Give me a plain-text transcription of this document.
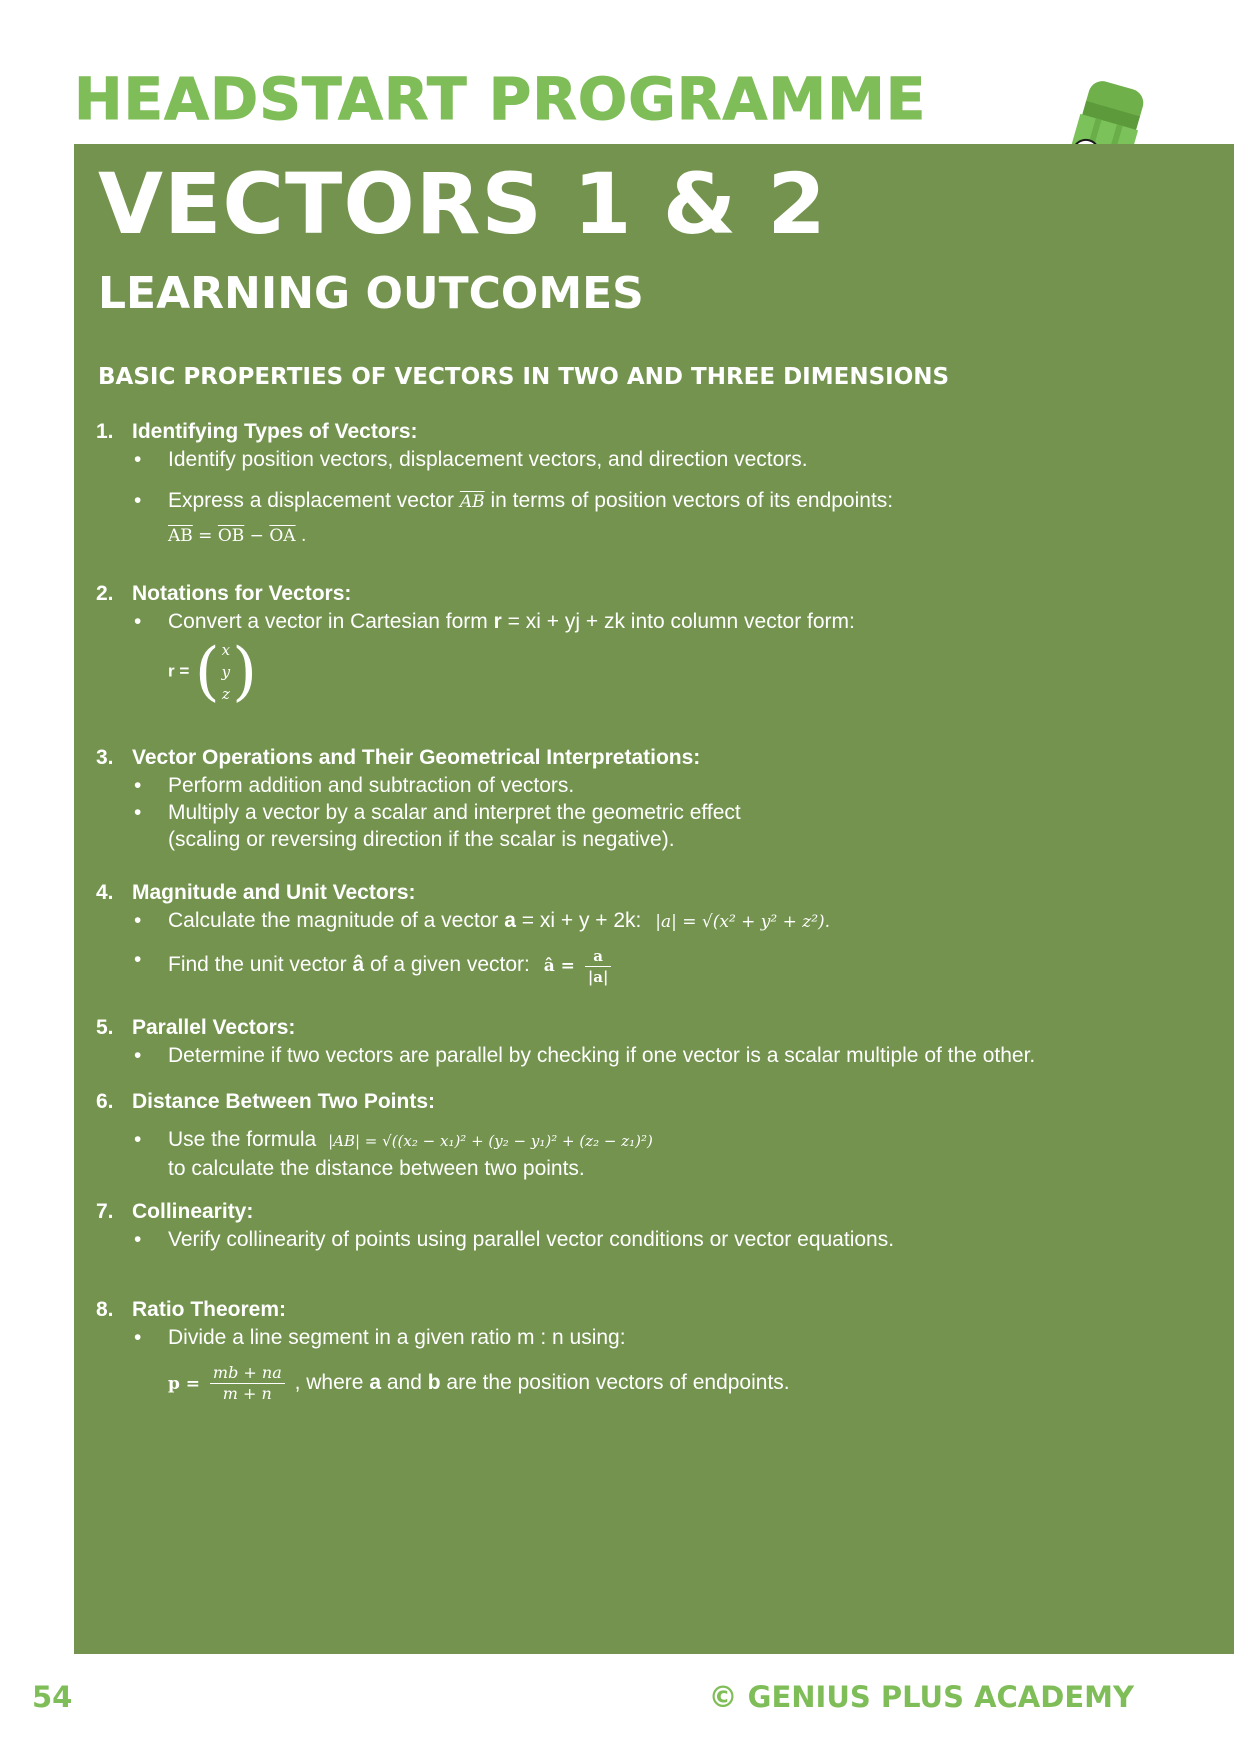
HEADSTART PROGRAMME
VECTORS 1 & 2
LEARNING OUTCOMES
BASIC PROPERTIES OF VECTORS IN TWO AND THREE DIMENSIONS
1. Identifying Types of Vectors:
• Identify position vectors, displacement vectors, and direction vectors.
• Express a displacement vector $\overline{AB}$ in terms of position vectors of its endpoints:
$\overline{AB} = \overline{OB} - \overline{OA}$ .
2. Notations for Vectors:
• Convert a vector in Cartesian form r = xi + yj + zk into column vector form:
r = ( x
y
z )
3. Vector Operations and Their Geometrical Interpretations:
• Perform addition and subtraction of vectors.
• Multiply a vector by a scalar and interpret the geometric effect
(scaling or reversing direction if the scalar is negative).
4. Magnitude and Unit Vectors:
• Calculate the magnitude of a vector a = xi + y + 2k: |a| = √(x² + y² + z²).
• Find the unit vector â of a given vector: â = $\frac{a}{|a|}$
5. Parallel Vectors:
• Determine if two vectors are parallel by checking if one vector is a scalar multiple of the other.
6. Distance Between Two Points:
• Use the formula |AB| = √((x₂ − x₁)² + (y₂ − y₁)² + (z₂ − z₁)²)
to calculate the distance between two points.
7. Collinearity:
• Verify collinearity of points using parallel vector conditions or vector equations.
8. Ratio Theorem:
• Divide a line segment in a given ratio m : n using:
$p = \frac{mb + na}{m + n}$ , where a and b are the position vectors of endpoints.
54	© GENIUS PLUS ACADEMY
